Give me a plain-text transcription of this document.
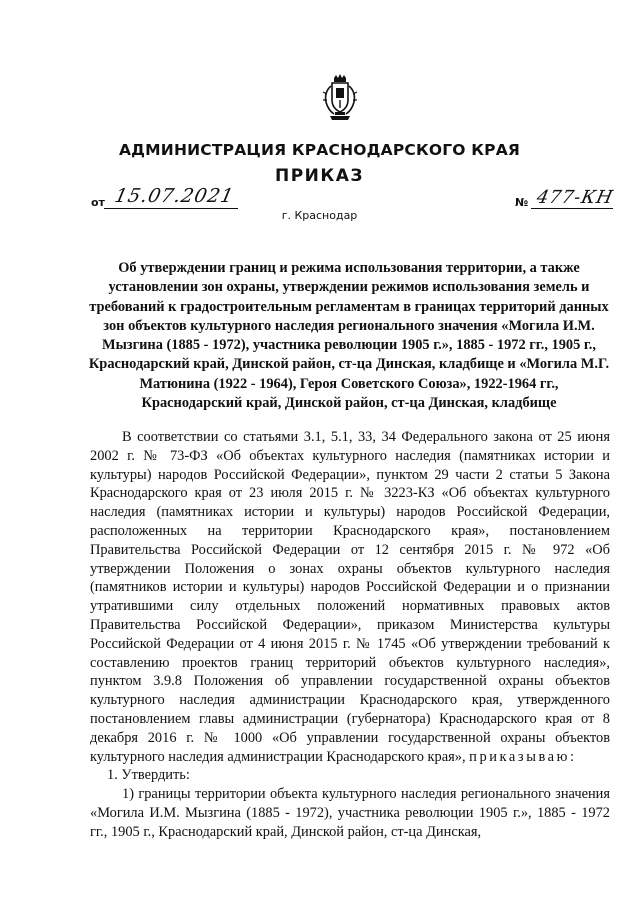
АДМИНИСТРАЦИЯ КРАСНОДАРСКОГО КРАЯ
ПРИКАЗ
от 15.07.2021	№ 477-КН
г. Краснодар
Об утверждении границ и режима использования территории, а также установлении зон охраны, утверждении режимов использования земель и требований к градостроительным регламентам в границах территорий данных зон объектов культурного наследия регионального значения «Могила И.М. Мызгина (1885 - 1972), участника революции 1905 г.», 1885 - 1972 гг., 1905 г., Краснодарский край, Динской район, ст-ца Динская, кладбище и «Могила М.Г. Матюнина (1922 - 1964), Героя Советского Союза», 1922-1964 гг., Краснодарский край, Динской район, ст-ца Динская, кладбище

В соответствии со статьями 3.1, 5.1, 33, 34 Федерального закона от 25 июня 2002 г. № 73-ФЗ «Об объектах культурного наследия (памятниках истории и культуры) народов Российской Федерации», пунктом 29 части 2 статьи 5 Закона Краснодарского края от 23 июля 2015 г. № 3223-КЗ «Об объектах культурного наследия (памятниках истории и культуры) народов Российской Федерации, расположенных на территории Краснодарского края», постановлением Правительства Российской Федерации от 12 сентября 2015 г. № 972 «Об утверждении Положения о зонах охраны объектов культурного наследия (памятников истории и культуры) народов Российской Федерации и о признании утратившими силу отдельных положений нормативных правовых актов Правительства Российской Федерации», приказом Министерства культуры Российской Федерации от 4 июня 2015 г. № 1745 «Об утверждении требований к составлению проектов границ территорий объектов культурного наследия», пунктом 3.9.8 Положения об управлении государственной охраны объектов культурного наследия администрации Краснодарского края, утвержденного постановлением главы администрации (губернатора) Краснодарского края от 8 декабря 2016 г. № 1000 «Об управлении государственной охраны объектов культурного наследия администрации Краснодарского края», приказываю:

1. Утвердить:

1) границы территории объекта культурного наследия регионального значения «Могила И.М. Мызгина (1885 - 1972), участника революции 1905 г.», 1885 - 1972 гг., 1905 г., Краснодарский край, Динской район, ст-ца Динская,
